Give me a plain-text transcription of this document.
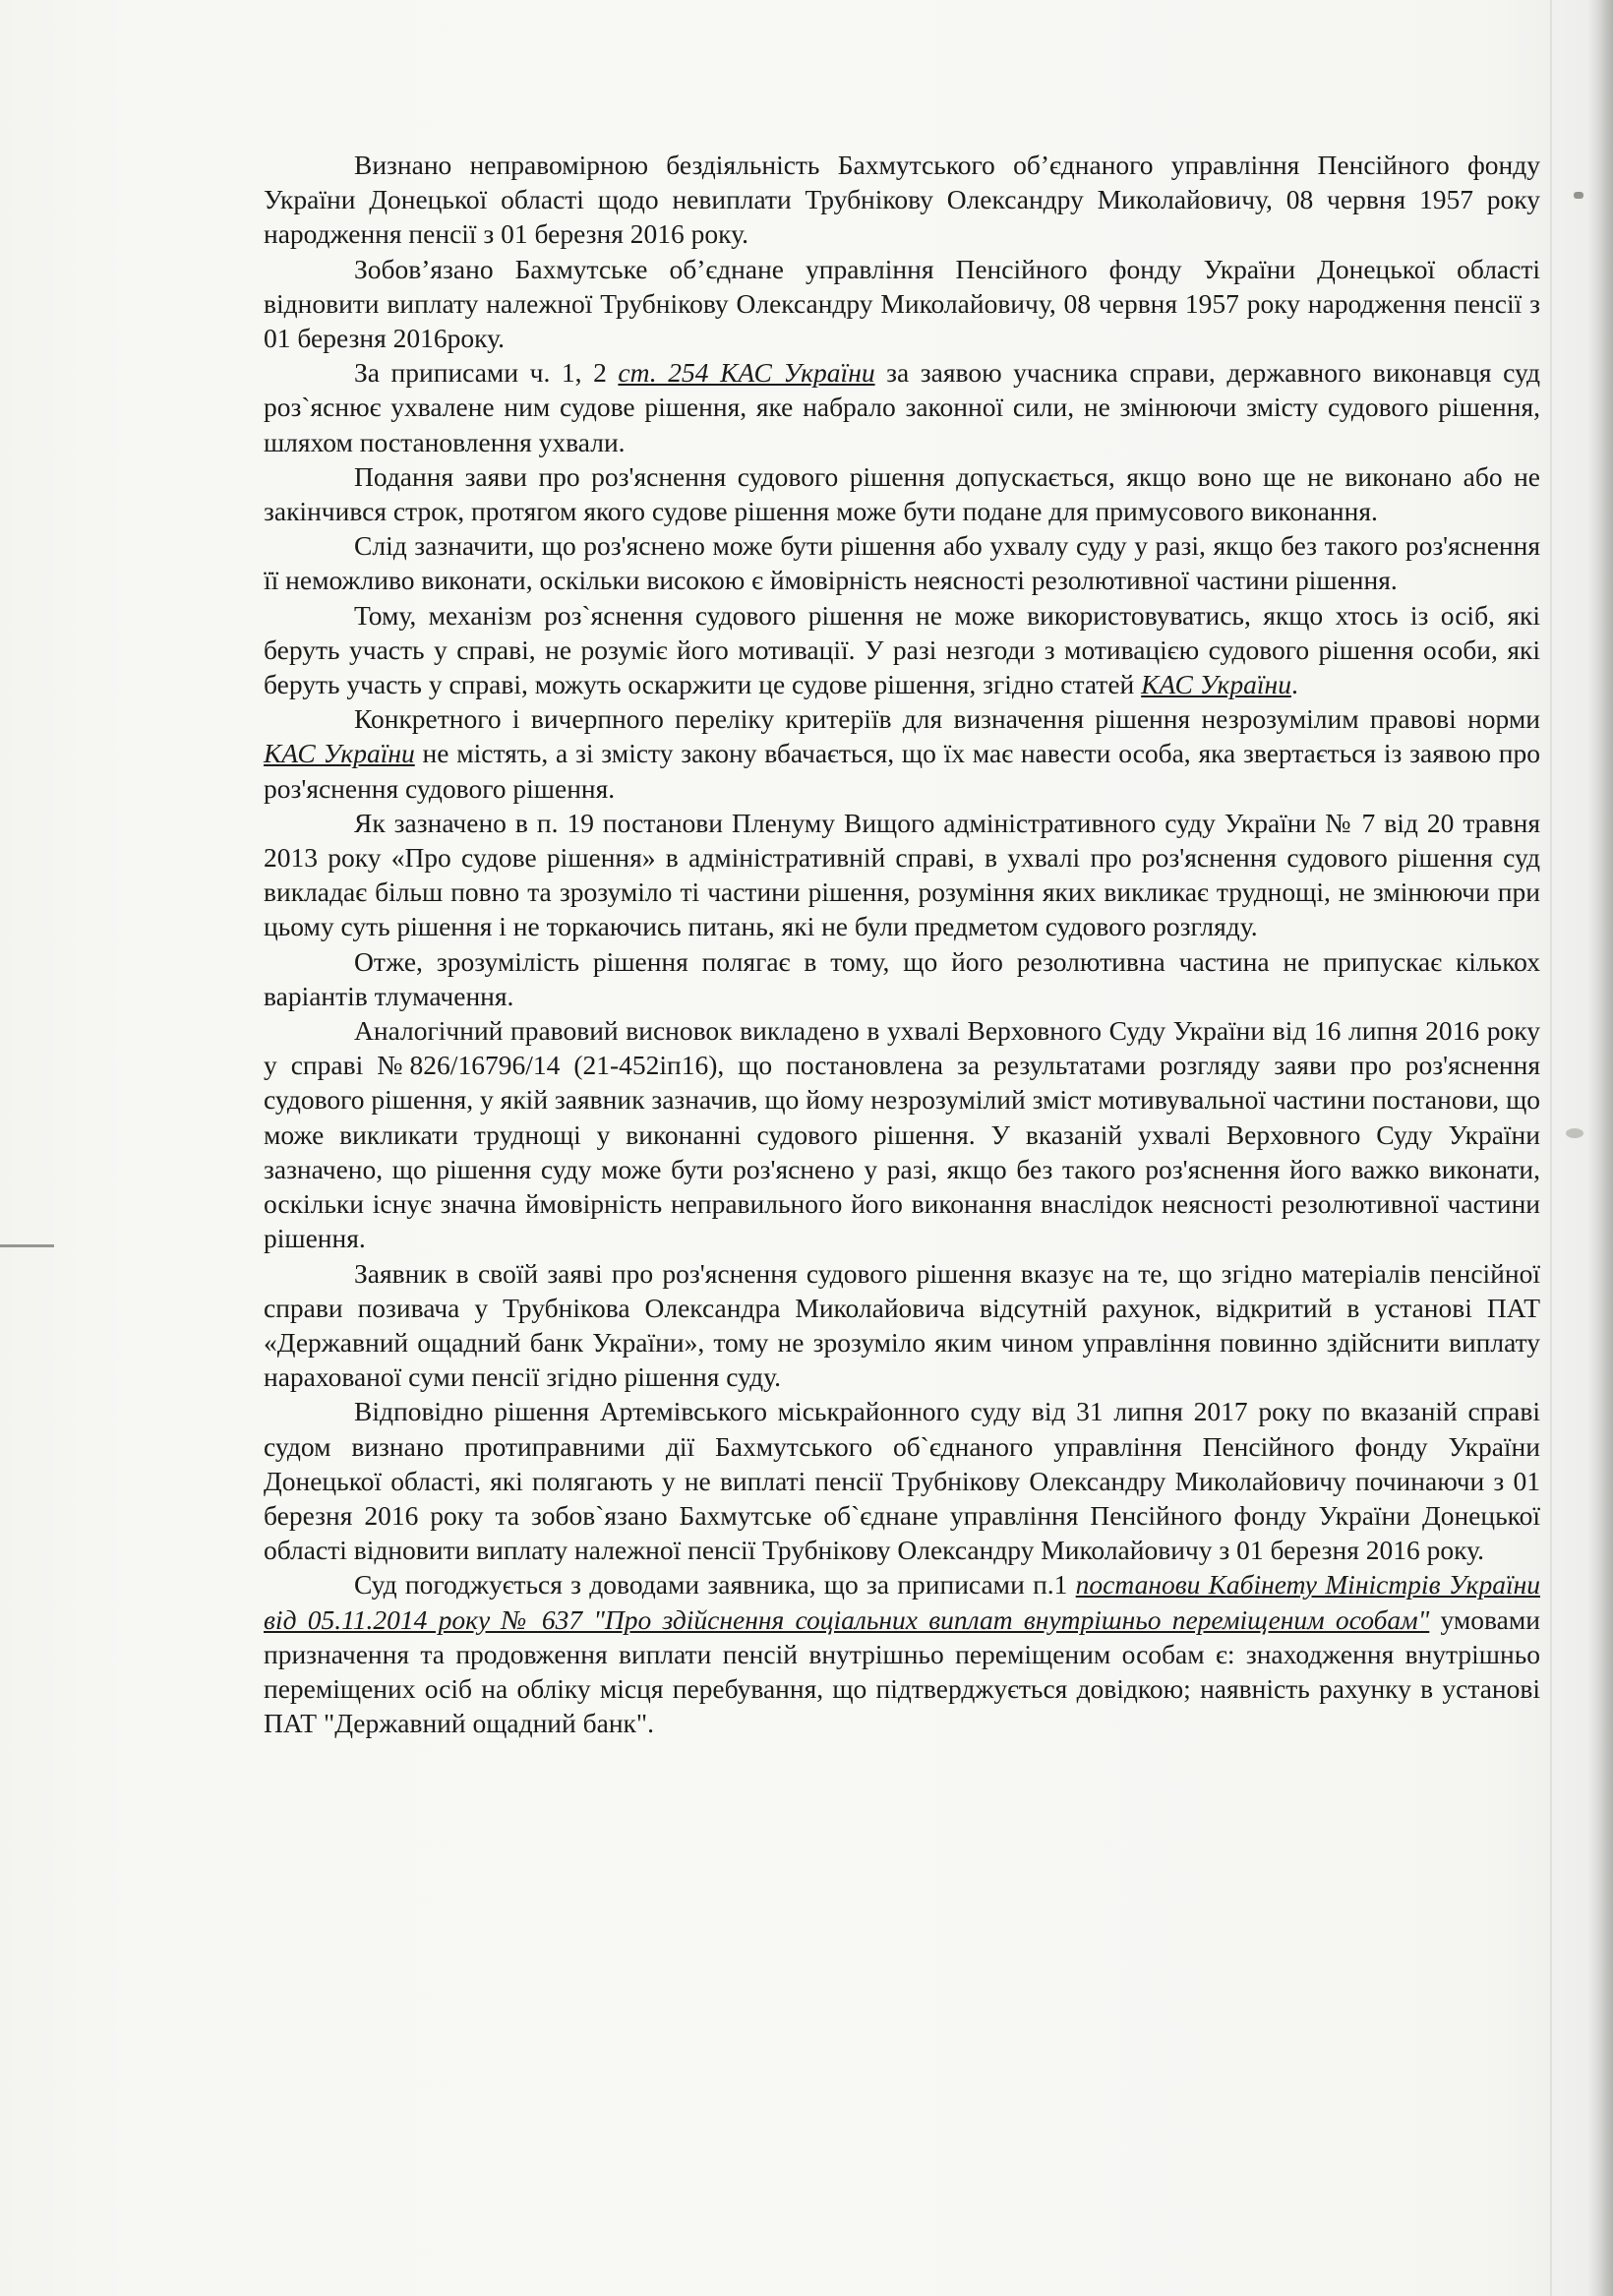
Визнано неправомірною бездіяльність Бахмутського об’єднаного управління Пенсійного фонду України Донецької області щодо невиплати Трубнікову Олександру Миколайовичу, 08 червня 1957 року народження пенсії з 01 березня 2016 року.

Зобов’язано Бахмутське об’єднане управління Пенсійного фонду України Донецької області відновити виплату належної Трубнікову Олександру Миколайовичу, 08 червня 1957 року народження пенсії з 01 березня 2016року.

За приписами ч. 1, 2 ст. 254 КАС України за заявою учасника справи, державного виконавця суд роз`яснює ухвалене ним судове рішення, яке набрало законної сили, не змінюючи змісту судового рішення, шляхом постановлення ухвали.

Подання заяви про роз'яснення судового рішення допускається, якщо воно ще не виконано або не закінчився строк, протягом якого судове рішення може бути подане для примусового виконання.

Слід зазначити, що роз'яснено може бути рішення або ухвалу суду у разі, якщо без такого роз'яснення її неможливо виконати, оскільки високою є ймовірність неясності резолютивної частини рішення.

Тому, механізм роз`яснення судового рішення не може використовуватись, якщо хтось із осіб, які беруть участь у справі, не розуміє його мотивації. У разі незгоди з мотивацією судового рішення особи, які беруть участь у справі, можуть оскаржити це судове рішення, згідно статей КАС України.

Конкретного і вичерпного переліку критеріїв для визначення рішення незрозумілим правові норми КАС України не містять, а зі змісту закону вбачається, що їх має навести особа, яка звертається із заявою про роз'яснення судового рішення.

Як зазначено в п. 19 постанови Пленуму Вищого адміністративного суду України № 7 від 20 травня 2013 року «Про судове рішення» в адміністративній справі, в ухвалі про роз'яснення судового рішення суд викладає більш повно та зрозуміло ті частини рішення, розуміння яких викликає труднощі, не змінюючи при цьому суть рішення і не торкаючись питань, які не були предметом судового розгляду.

Отже, зрозумілість рішення полягає в тому, що його резолютивна частина не припускає кількох варіантів тлумачення.

Аналогічний правовий висновок викладено в ухвалі Верховного Суду України від 16 липня 2016 року у справі №826/16796/14 (21-452іп16), що постановлена за результатами розгляду заяви про роз'яснення судового рішення, у якій заявник зазначив, що йому незрозумілий зміст мотивувальної частини постанови, що може викликати труднощі у виконанні судового рішення. У вказаній ухвалі Верховного Суду України зазначено, що рішення суду може бути роз'яснено у разі, якщо без такого роз'яснення його важко виконати, оскільки існує значна ймовірність неправильного його виконання внаслідок неясності резолютивної частини рішення.

Заявник в своїй заяві про роз'яснення судового рішення вказує на те, що згідно матеріалів пенсійної справи позивача у Трубнікова Олександра Миколайовича відсутній рахунок, відкритий в установі ПАТ «Державний ощадний банк України», тому не зрозуміло яким чином управління повинно здійснити виплату нарахованої суми пенсії згідно рішення суду.

Відповідно рішення Артемівського міськрайонного суду від 31 липня 2017 року по вказаній справі судом визнано протиправними дії Бахмутського об`єднаного управління Пенсійного фонду України Донецької області, які полягають у не виплаті пенсії Трубнікову Олександру Миколайовичу починаючи з 01 березня 2016 року та зобов`язано Бахмутське об`єднане управління Пенсійного фонду України Донецької області відновити виплату належної пенсії Трубнікову Олександру Миколайовичу з 01 березня 2016 року.

Суд погоджується з доводами заявника, що за приписами п.1 постанови Кабінету Міністрів України від 05.11.2014 року № 637 "Про здійснення соціальних виплат внутрішньо переміщеним особам" умовами призначення та продовження виплати пенсій внутрішньо переміщеним особам є: знаходження внутрішньо переміщених осіб на обліку місця перебування, що підтверджується довідкою; наявність рахунку в установі ПАТ "Державний ощадний банк".
